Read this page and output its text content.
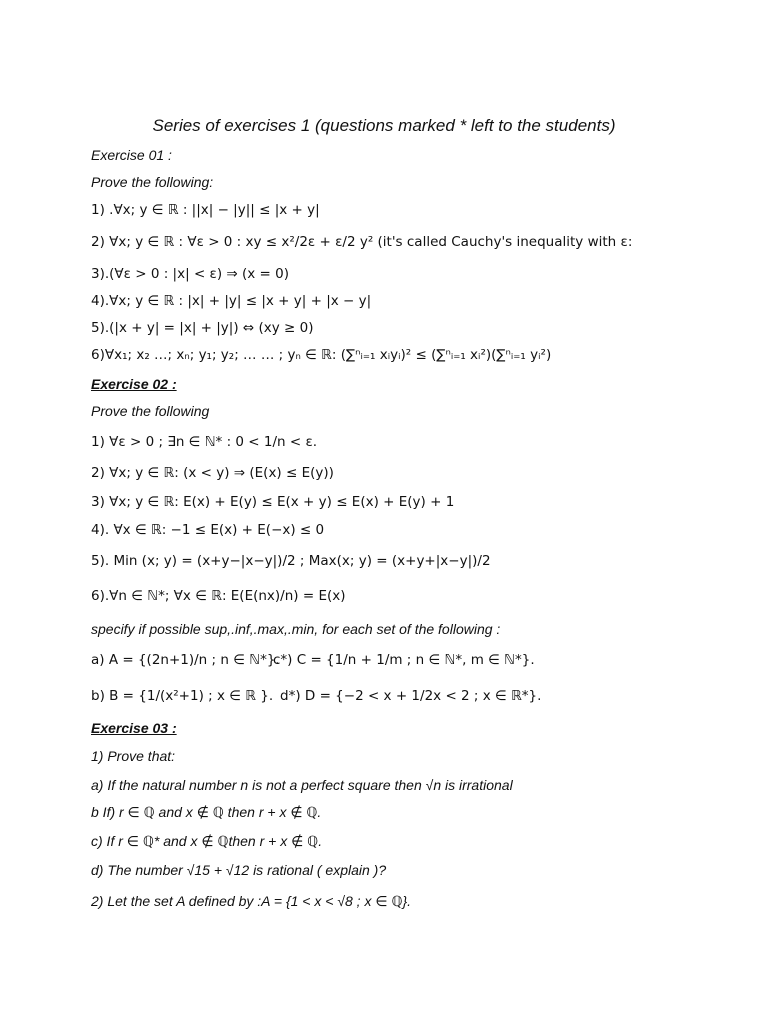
Series of exercises 1 (questions marked * left to the students)
Exercise 01 :
Prove the following:
1) .∀x; y ∈ ℝ : ||x| − |y|| ≤ |x + y|
2) ∀x; y ∈ ℝ : ∀ε > 0 : xy ≤ x²/2ε + ε/2 y² (it's called Cauchy's inequality with ε:
3).(∀ε > 0 : |x| < ε) ⇒ (x = 0)
4).∀x; y ∈ ℝ : |x| + |y| ≤ |x + y| + |x − y|
5).(|x + y| = |x| + |y|) ⇔ (xy ≥ 0)
6)∀x₁; x₂ …; xₙ; y₁; y₂; … … ; yₙ ∈ ℝ: (∑ⁿᵢ₌₁ xᵢyᵢ)² ≤ (∑ⁿᵢ₌₁ xᵢ²)(∑ⁿᵢ₌₁ yᵢ²)
Exercise 02 :
Prove the following
1) ∀ε > 0 ; ∃n ∈ ℕ* : 0 < 1/n < ε.
2) ∀x; y ∈ ℝ: (x < y) ⇒ (E(x) ≤ E(y))
3) ∀x; y ∈ ℝ: E(x) + E(y) ≤ E(x + y) ≤ E(x) + E(y) + 1
4). ∀x ∈ ℝ: −1 ≤ E(x) + E(−x) ≤ 0
5). Min (x; y) = (x+y−|x−y|)/2 ; Max(x; y) = (x+y+|x−y|)/2
6).∀n ∈ ℕ*; ∀x ∈ ℝ: E(E(nx)/n) = E(x)
specify if possible sup,.inf,.max,.min, for each set of the following :
a) A = {(2n+1)/n ; n ∈ ℕ*}.
c*) C = {1/n + 1/m ; n ∈ ℕ*, m ∈ ℕ*}.
b) B = {1/(x²+1) ; x ∈ ℝ }. d*) D = {−2 < x + 1/2x < 2 ; x ∈ ℝ*}.
Exercise 03 :
1) Prove that:
a) If the natural number n is not a perfect square then √n is irrational
b If) r ∈ ℚ and x ∉ ℚ then r + x ∉ ℚ.
c) If r ∈ ℚ* and x ∉ ℚthen r + x ∉ ℚ.
d) The number √15 + √12 is rational ( explain )?
2) Let the set A defined by :A = {1 < x < √8 ; x ∈ ℚ}.
